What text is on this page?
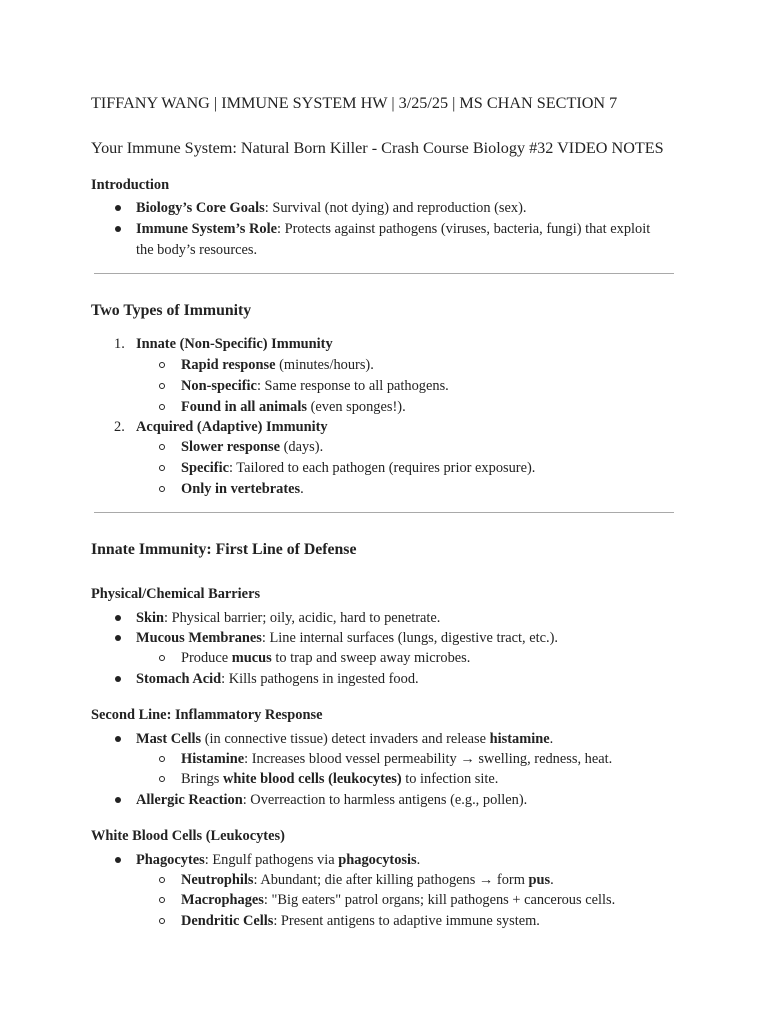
TIFFANY WANG | IMMUNE SYSTEM HW | 3/25/25 | MS CHAN SECTION 7
Your Immune System: Natural Born Killer - Crash Course Biology #32 VIDEO NOTES
Introduction
Biology’s Core Goals: Survival (not dying) and reproduction (sex).
Immune System’s Role: Protects against pathogens (viruses, bacteria, fungi) that exploit
the body’s resources.
Two Types of Immunity
1. Innate (Non-Specific) Immunity
Rapid response (minutes/hours).
Non-specific: Same response to all pathogens.
Found in all animals (even sponges!).
2. Acquired (Adaptive) Immunity
Slower response (days).
Specific: Tailored to each pathogen (requires prior exposure).
Only in vertebrates.
Innate Immunity: First Line of Defense
Physical/Chemical Barriers
Skin: Physical barrier; oily, acidic, hard to penetrate.
Mucous Membranes: Line internal surfaces (lungs, digestive tract, etc.).
Produce mucus to trap and sweep away microbes.
Stomach Acid: Kills pathogens in ingested food.
Second Line: Inflammatory Response
Mast Cells (in connective tissue) detect invaders and release histamine.
Histamine: Increases blood vessel permeability → swelling, redness, heat.
Brings white blood cells (leukocytes) to infection site.
Allergic Reaction: Overreaction to harmless antigens (e.g., pollen).
White Blood Cells (Leukocytes)
Phagocytes: Engulf pathogens via phagocytosis.
Neutrophils: Abundant; die after killing pathogens → form pus.
Macrophages: "Big eaters" patrol organs; kill pathogens + cancerous cells.
Dendritic Cells: Present antigens to adaptive immune system.
